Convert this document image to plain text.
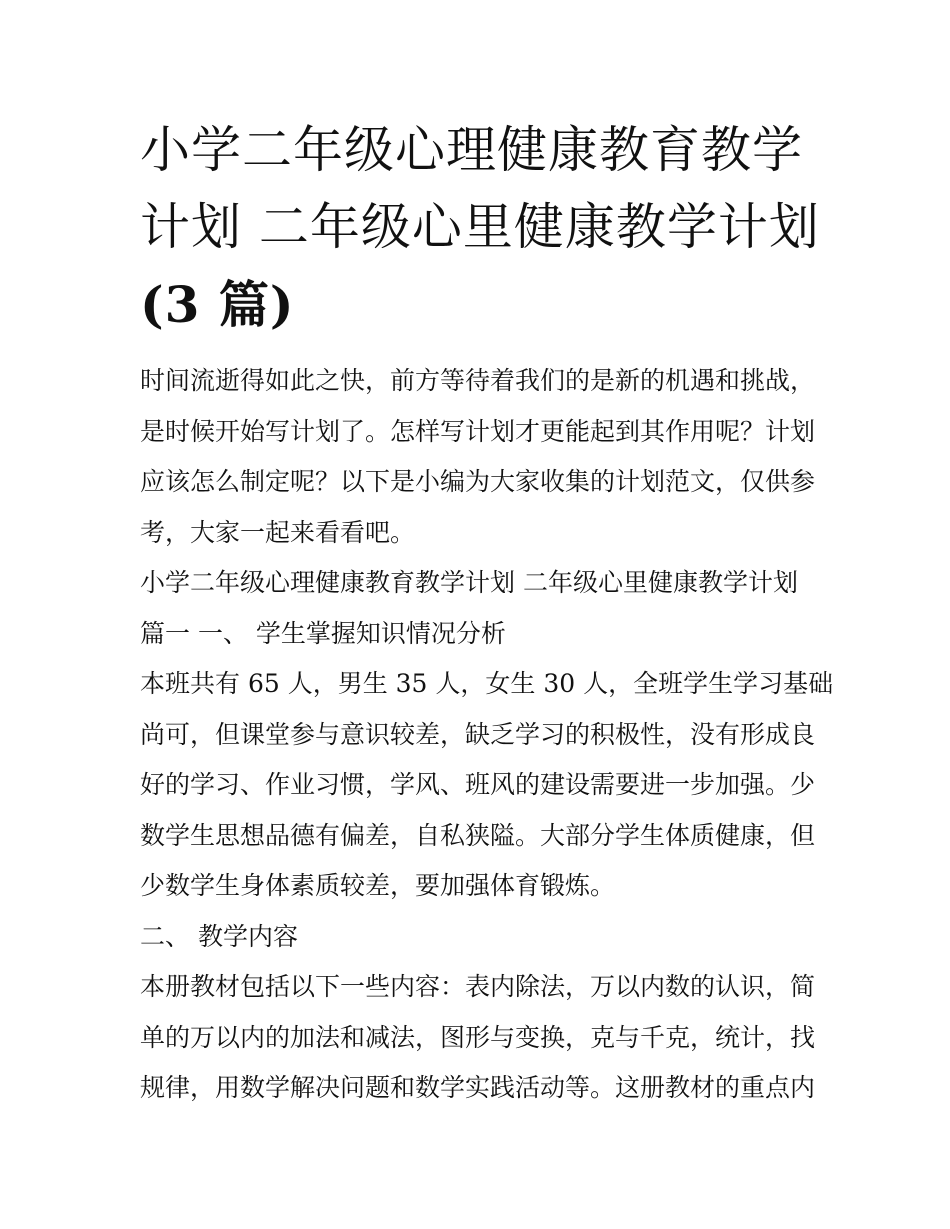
小学二年级心理健康教育教学
计划 二年级心里健康教学计划
(3 篇)
时间流逝得如此之快，前方等待着我们的是新的机遇和挑战，
是时候开始写计划了。怎样写计划才更能起到其作用呢？计划
应该怎么制定呢？以下是小编为大家收集的计划范文，仅供参
考，大家一起来看看吧。
小学二年级心理健康教育教学计划 二年级心里健康教学计划
篇一 一、 学生掌握知识情况分析
本班共有 65 人，男生 35 人，女生 30 人，全班学生学习基础
尚可，但课堂参与意识较差，缺乏学习的积极性，没有形成良
好的学习、作业习惯，学风、班风的建设需要进一步加强。少
数学生思想品德有偏差，自私狭隘。大部分学生体质健康，但
少数学生身体素质较差，要加强体育锻炼。
二、 教学内容
本册教材包括以下一些内容：表内除法，万以内数的认识，简
单的万以内的加法和减法，图形与变换，克与千克，统计，找
规律，用数学解决问题和数学实践活动等。这册教材的重点内
